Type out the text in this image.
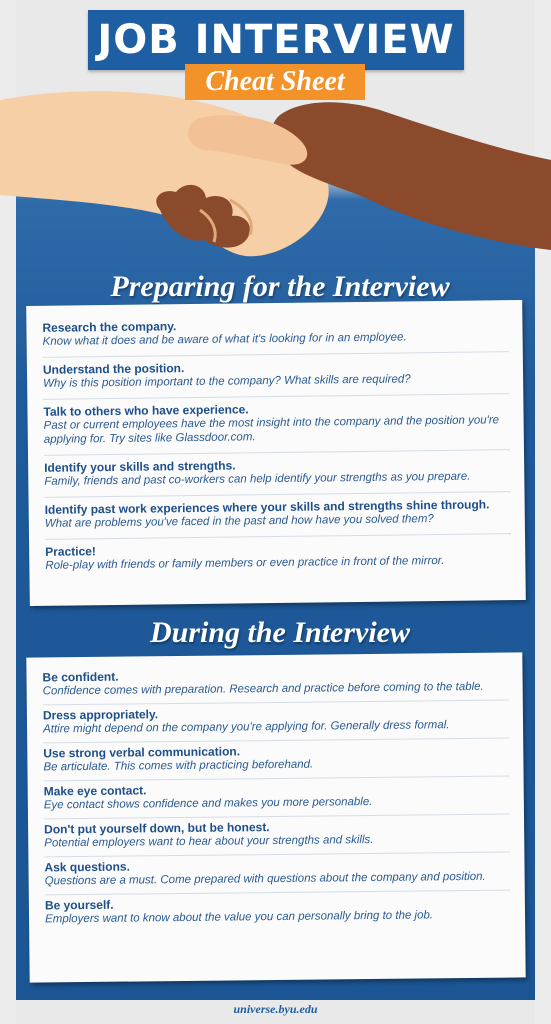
JOB INTERVIEW
Cheat Sheet
Preparing for the Interview
Research the company.
Know what it does and be aware of what it's looking for in an employee.
Understand the position.
Why is this position important to the company? What skills are required?
Talk to others who have experience.
Past or current employees have the most insight into the company and the position you're applying for. Try sites like Glassdoor.com.
Identify your skills and strengths.
Family, friends and past co-workers can help identify your strengths as you prepare.
Identify past work experiences where your skills and strengths shine through.
What are problems you've faced in the past and how have you solved them?
Practice!
Role-play with friends or family members or even practice in front of the mirror.
During the Interview
Be confident.
Confidence comes with preparation. Research and practice before coming to the table.
Dress appropriately.
Attire might depend on the company you're applying for. Generally dress formal.
Use strong verbal communication.
Be articulate. This comes with practicing beforehand.
Make eye contact.
Eye contact shows confidence and makes you more personable.
Don't put yourself down, but be honest.
Potential employers want to hear about your strengths and skills.
Ask questions.
Questions are a must. Come prepared with questions about the company and position.
Be yourself.
Employers want to know about the value you can personally bring to the job.
universe.byu.edu
